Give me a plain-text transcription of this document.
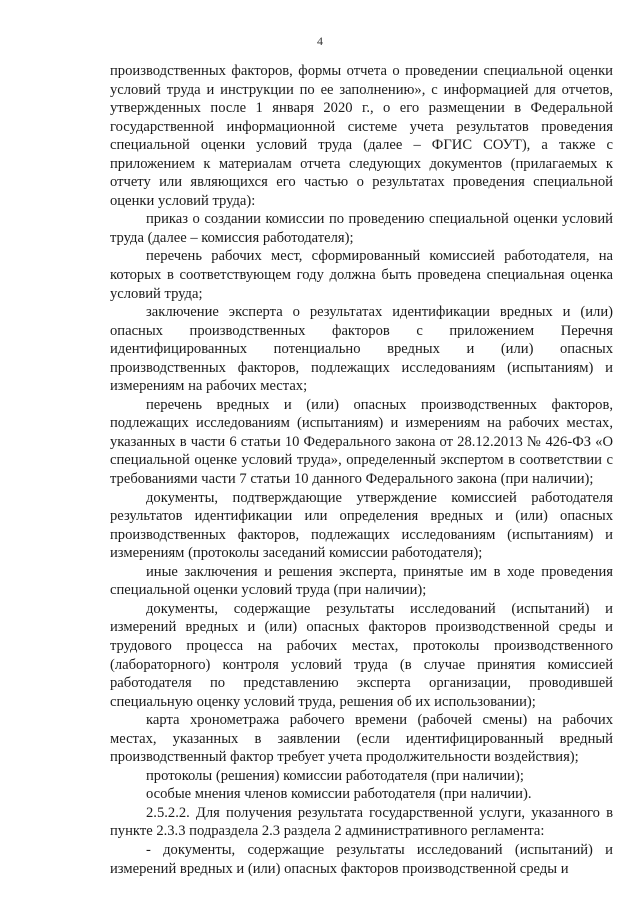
4

производственных факторов, формы отчета о проведении специальной оценки условий труда и инструкции по ее заполнению», с информацией для отчетов, утвержденных после 1 января 2020 г., о его размещении в Федеральной государственной информационной системе учета результатов проведения специальной оценки условий труда (далее – ФГИС СОУТ), а также с приложением к материалам отчета следующих документов (прилагаемых к отчету или являющихся его частью о результатах проведения специальной оценки условий труда):

приказ о создании комиссии по проведению специальной оценки условий труда (далее – комиссия работодателя);

перечень рабочих мест, сформированный комиссией работодателя, на которых в соответствующем году должна быть проведена специальная оценка условий труда;

заключение эксперта о результатах идентификации вредных и (или) опасных производственных факторов с приложением Перечня идентифицированных потенциально вредных и (или) опасных производственных факторов, подлежащих исследованиям (испытаниям) и измерениям на рабочих местах;

перечень вредных и (или) опасных производственных факторов, подлежащих исследованиям (испытаниям) и измерениям на рабочих местах, указанных в части 6 статьи 10 Федерального закона от 28.12.2013 № 426-ФЗ «О специальной оценке условий труда», определенный экспертом в соответствии с требованиями части 7 статьи 10 данного Федерального закона (при наличии);

документы, подтверждающие утверждение комиссией работодателя результатов идентификации или определения вредных и (или) опасных производственных факторов, подлежащих исследованиям (испытаниям) и измерениям (протоколы заседаний комиссии работодателя);

иные заключения и решения эксперта, принятые им в ходе проведения специальной оценки условий труда (при наличии);

документы, содержащие результаты исследований (испытаний) и измерений вредных и (или) опасных факторов производственной среды и трудового процесса на рабочих местах, протоколы производственного (лабораторного) контроля условий труда (в случае принятия комиссией работодателя по представлению эксперта организации, проводившей специальную оценку условий труда, решения об их использовании);

карта хронометража рабочего времени (рабочей смены) на рабочих местах, указанных в заявлении (если идентифицированный вредный производственный фактор требует учета продолжительности воздействия);

протоколы (решения) комиссии работодателя (при наличии);

особые мнения членов комиссии работодателя (при наличии).

2.5.2.2. Для получения результата государственной услуги, указанного в пункте 2.3.3 подраздела 2.3 раздела 2 административного регламента:

- документы, содержащие результаты исследований (испытаний) и измерений вредных и (или) опасных факторов производственной среды и
